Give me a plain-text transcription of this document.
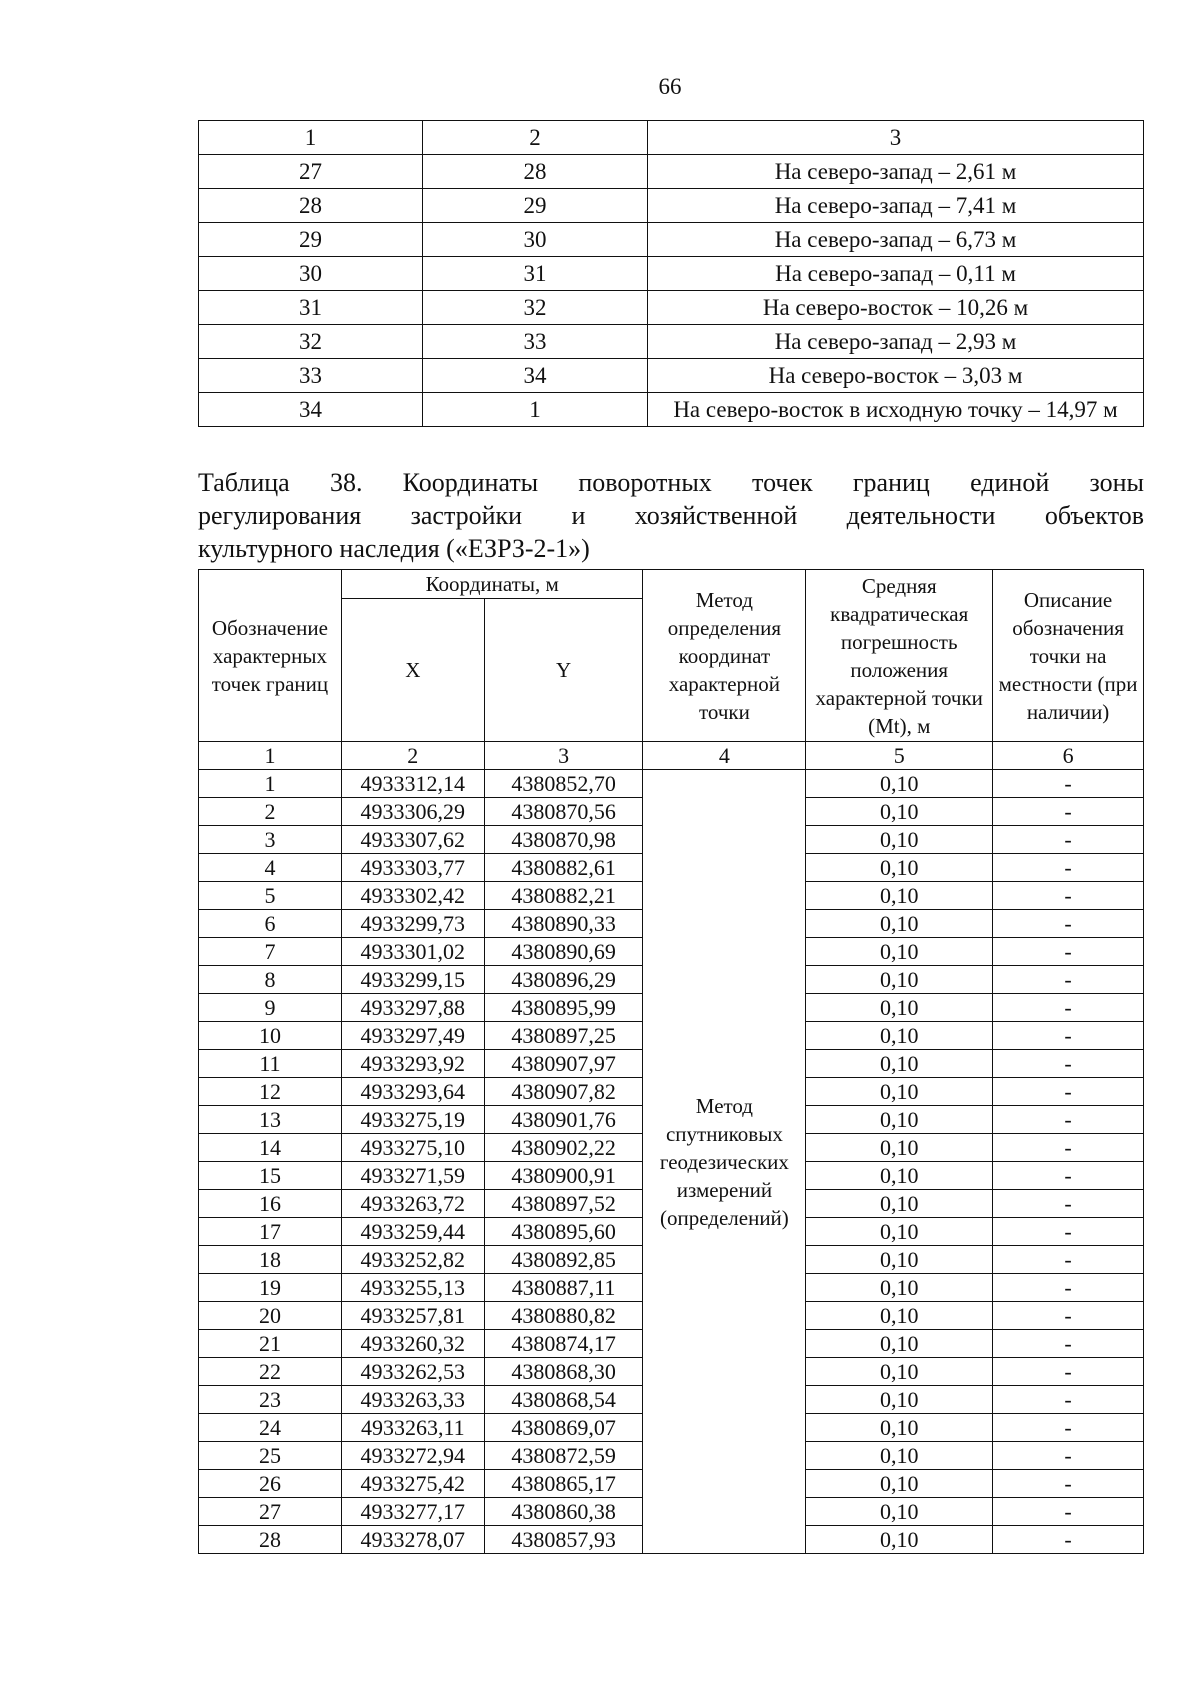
66
1	2	3
27	28	На северо-запад – 2,61 м
28	29	На северо-запад – 7,41 м
29	30	На северо-запад – 6,73 м
30	31	На северо-запад – 0,11 м
31	32	На северо-восток – 10,26 м
32	33	На северо-запад – 2,93 м
33	34	На северо-восток – 3,03 м
34	1	На северо-восток в исходную точку – 14,97 м
Таблица 38. Координаты поворотных точек границ единой зоны
регулирования застройки и хозяйственной деятельности объектов
культурного наследия («ЕЗРЗ-2-1»)
Обозначение характерных точек границ	Координаты, м		Метод определения координат характерной точки	Средняя квадратическая погрешность положения характерной точки (Mt), м	Описание обозначения точки на местности (при наличии)
	X	Y			
1	2	3	4	5	6
1	4933312,14	4380852,70	Метод спутниковых геодезических измерений (определений)	0,10	-
2	4933306,29	4380870,56		0,10	-
3	4933307,62	4380870,98		0,10	-
4	4933303,77	4380882,61		0,10	-
5	4933302,42	4380882,21		0,10	-
6	4933299,73	4380890,33		0,10	-
7	4933301,02	4380890,69		0,10	-
8	4933299,15	4380896,29		0,10	-
9	4933297,88	4380895,99		0,10	-
10	4933297,49	4380897,25		0,10	-
11	4933293,92	4380907,97		0,10	-
12	4933293,64	4380907,82		0,10	-
13	4933275,19	4380901,76		0,10	-
14	4933275,10	4380902,22		0,10	-
15	4933271,59	4380900,91		0,10	-
16	4933263,72	4380897,52		0,10	-
17	4933259,44	4380895,60		0,10	-
18	4933252,82	4380892,85		0,10	-
19	4933255,13	4380887,11		0,10	-
20	4933257,81	4380880,82		0,10	-
21	4933260,32	4380874,17		0,10	-
22	4933262,53	4380868,30		0,10	-
23	4933263,33	4380868,54		0,10	-
24	4933263,11	4380869,07		0,10	-
25	4933272,94	4380872,59		0,10	-
26	4933275,42	4380865,17		0,10	-
27	4933277,17	4380860,38		0,10	-
28	4933278,07	4380857,93		0,10	-
